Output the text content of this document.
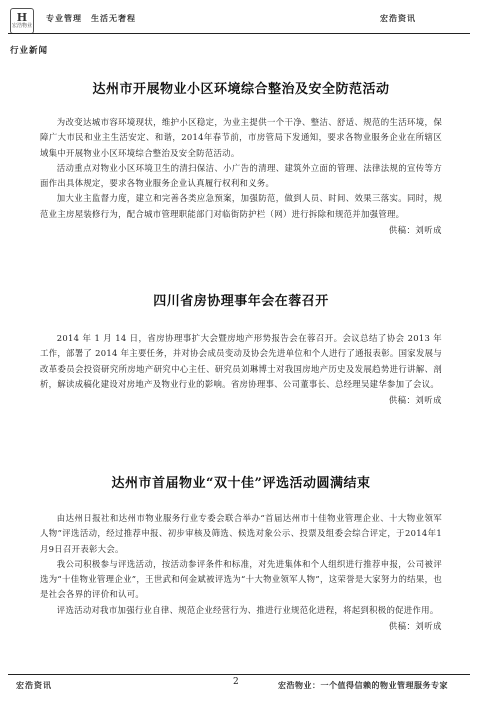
H
宏浩物业
专业管理　生活无奢程	宏浩资讯
行业新闻
达州市开展物业小区环境综合整治及安全防范活动

为改变达城市容环境现状，维护小区稳定，为业主提供一个干净、整洁、舒适、规范的生活环境，保障广大市民和业主生活安定、和谐，2014年春节前，市房管局下发通知，要求各物业服务企业在所辖区域集中开展物业小区环境综合整治及安全防范活动。

活动重点对物业小区环境卫生的清扫保洁、小广告的清理、建筑外立面的管理、法律法规的宣传等方面作出具体规定，要求各物业服务企业认真履行权利和义务。

加大业主监督力度，建立和完善各类应急预案，加强防范，做到人员、时间、效果三落实。同时，规范业主房屋装修行为，配合城市管理职能部门对临街防护栏（网）进行拆除和规范并加强管理。

供稿：刘听成

四川省房协理事年会在蓉召开

2014 年 1 月 14 日，省房协理事扩大会暨房地产形势报告会在蓉召开。会议总结了协会 2013 年工作，部署了 2014 年主要任务，并对协会成员变动及协会先进单位和个人进行了通报表彰。国家发展与改革委员会投资研究所房地产研究中心主任、研究员刘琳博士对我国房地产历史及发展趋势进行讲解、剖析，解读成稿化建设对房地产及物业行业的影响。省房协理事、公司董事长、总经理吴建华参加了会议。

供稿：刘听成

达州市首届物业“双十佳”评选活动圆满结束

由达州日报社和达州市物业服务行业专委会联合举办“首届达州市十佳物业管理企业、十大物业领军人物”评选活动，经过推荐申报、初步审核及筛选、候选对象公示、投票及组委会综合评定，于2014年1月9日召开表彰大会。

我公司积极参与评选活动，按活动参评条件和标准，对先进集体和个人组织进行推荐申报，公司被评选为“十佳物业管理企业”，王世武和何金斌被评选为“十大物业领军人物”，这荣誉是大家努力的结果，也是社会各界的评价和认可。

评选活动对我市加强行业自律、规范企业经营行为、推进行业规范化进程，将起到积极的促进作用。

供稿：刘听成

宏浩资讯	2	宏浩物业：一个值得信赖的物业管理服务专家
